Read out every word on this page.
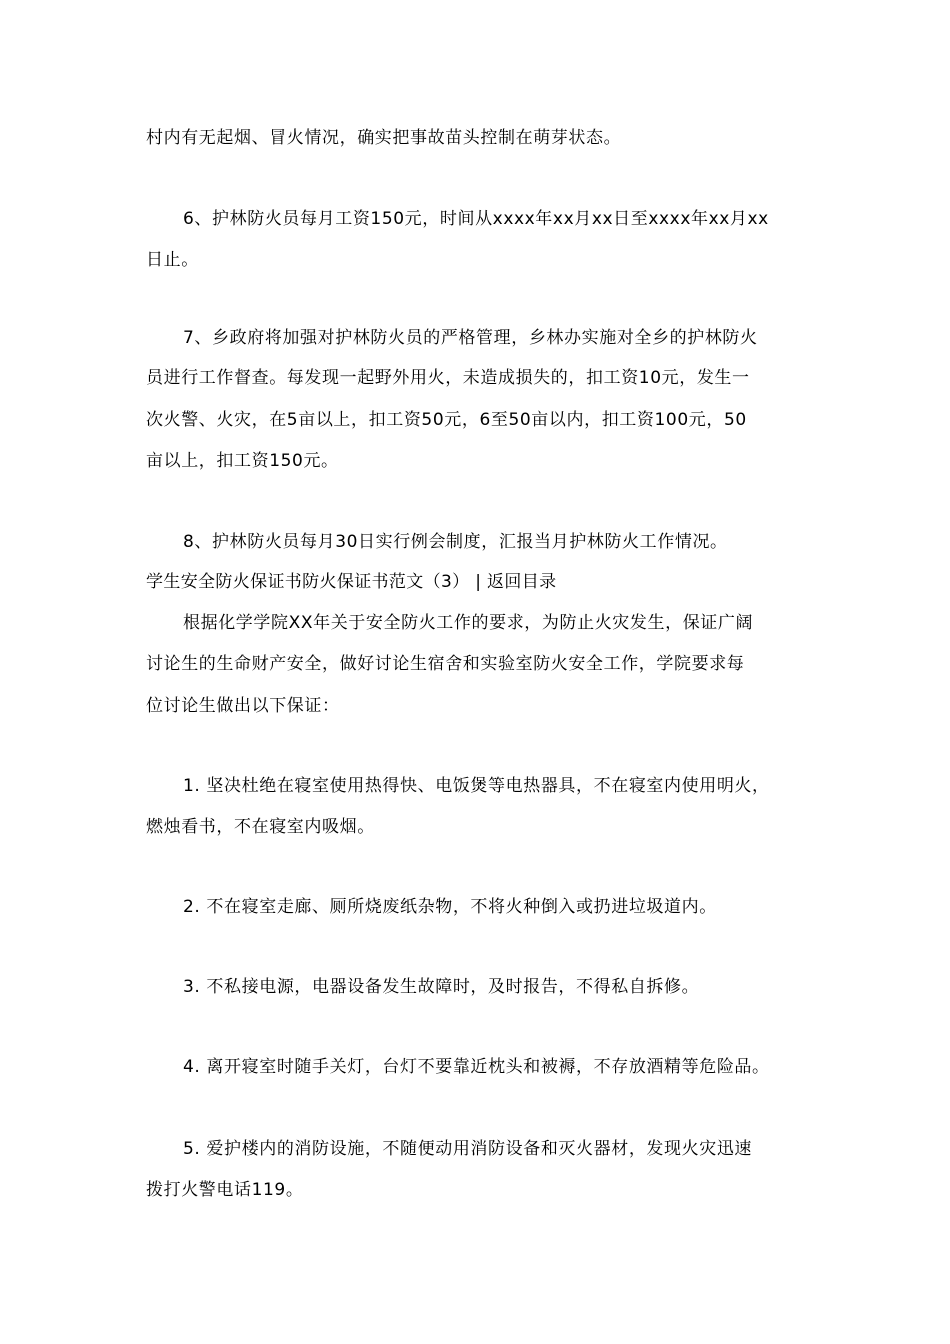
村内有无起烟、冒火情况，确实把事故苗头控制在萌芽状态。
6、护林防火员每月工资150元，时间从xxxx年xx月xx日至xxxx年xx月xx
日止。
7、乡政府将加强对护林防火员的严格管理，乡林办实施对全乡的护林防火
员进行工作督查。每发现一起野外用火，未造成损失的，扣工资10元，发生一
次火警、火灾，在5亩以上，扣工资50元，6至50亩以内，扣工资100元，50
亩以上，扣工资150元。
8、护林防火员每月30日实行例会制度，汇报当月护林防火工作情况。
学生安全防火保证书防火保证书范文（3） | 返回目录
根据化学学院XX年关于安全防火工作的要求，为防止火灾发生，保证广阔
讨论生的生命财产安全，做好讨论生宿舍和实验室防火安全工作，学院要求每
位讨论生做出以下保证：
1. 坚决杜绝在寝室使用热得快、电饭煲等电热器具，不在寝室内使用明火，
燃烛看书，不在寝室内吸烟。
2. 不在寝室走廊、厕所烧废纸杂物，不将火种倒入或扔进垃圾道内。
3. 不私接电源，电器设备发生故障时，及时报告，不得私自拆修。
4. 离开寝室时随手关灯，台灯不要靠近枕头和被褥，不存放酒精等危险品。
5. 爱护楼内的消防设施，不随便动用消防设备和灭火器材，发现火灾迅速
拨打火警电话119。
